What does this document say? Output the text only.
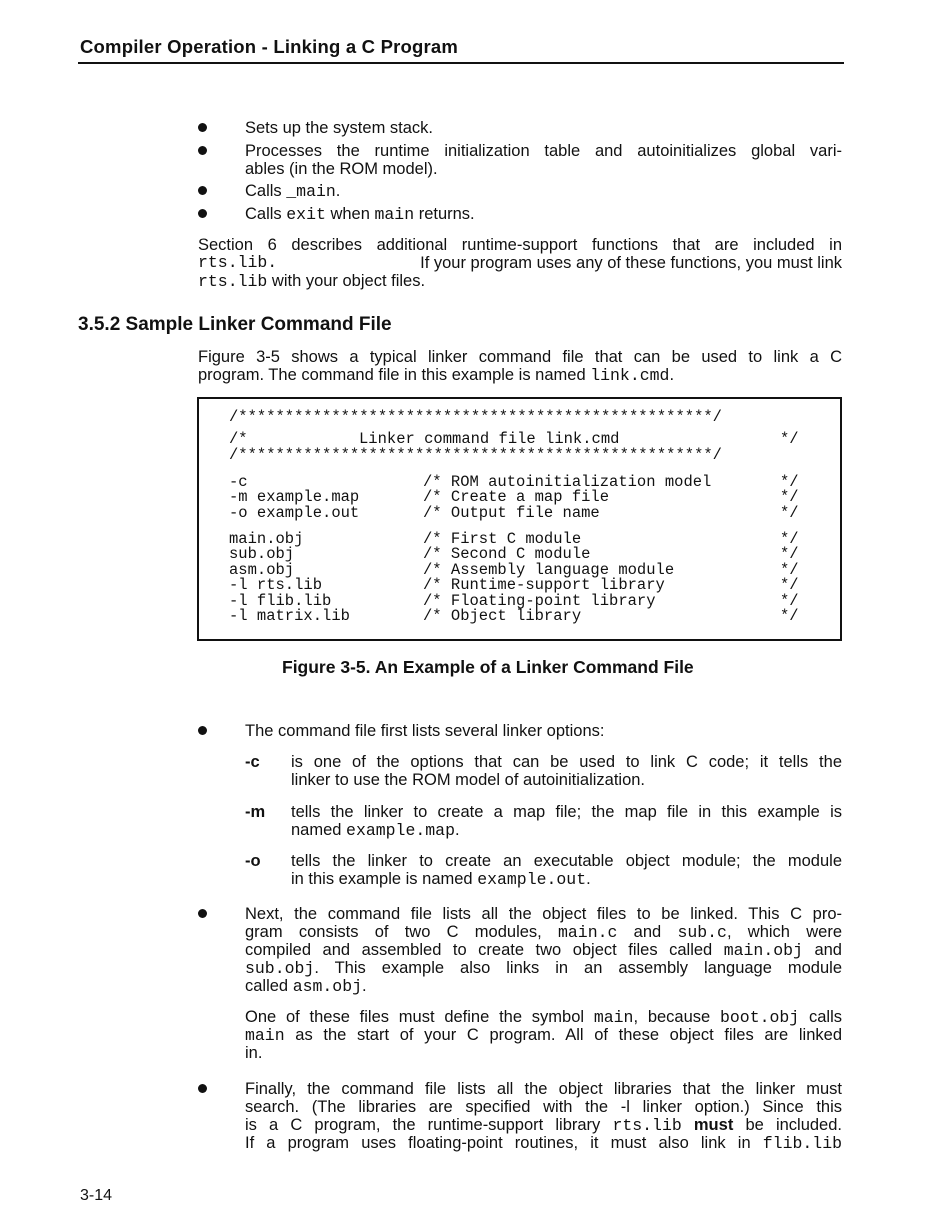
Compiler Operation - Linking a C Program
Sets up the system stack.
Processes the runtime initialization table and autoinitializes global vari-
ables (in the ROM model).
Calls _main.
Calls exit when main returns.
Section 6 describes additional runtime-support functions that are included in
rts.lib.	If your program uses any of these functions, you must link
rts.lib with your object files.
3.5.2 Sample Linker Command File
Figure 3-5 shows a typical linker command file that can be used to link a C
program. The command file in this example is named link.cmd.
/***************************************************/
/*	Linker command file link.cmd	*/
/***************************************************/
-c	/* ROM autoinitialization model	*/
-m example.map	/* Create a map file	*/
-o example.out	/* Output file name	*/
main.obj	/* First C module	*/
sub.obj	/* Second C module	*/
asm.obj	/* Assembly language module	*/
-l rts.lib	/* Runtime-support library	*/
-l flib.lib	/* Floating-point library	*/
-l matrix.lib	/* Object library	*/
Figure 3-5. An Example of a Linker Command File
The command file first lists several linker options:
-c is one of the options that can be used to link C code; it tells the
linker to use the ROM model of autoinitialization.
-m tells the linker to create a map file; the map file in this example is
named example.map.
-o tells the linker to create an executable object module; the module
in this example is named example.out.
Next, the command file lists all the object files to be linked. This C pro-
gram consists of two C modules, main.c and sub.c, which were
compiled and assembled to create two object files called main.obj and
sub.obj. This example also links in an assembly language module
called asm.obj.
One of these files must define the symbol main, because boot.obj calls
main as the start of your C program. All of these object files are linked
in.
Finally, the command file lists all the object libraries that the linker must
search. (The libraries are specified with the -l linker option.) Since this
is a C program, the runtime-support library rts.lib must be included.
If a program uses floating-point routines, it must also link in flib.lib
3-14
